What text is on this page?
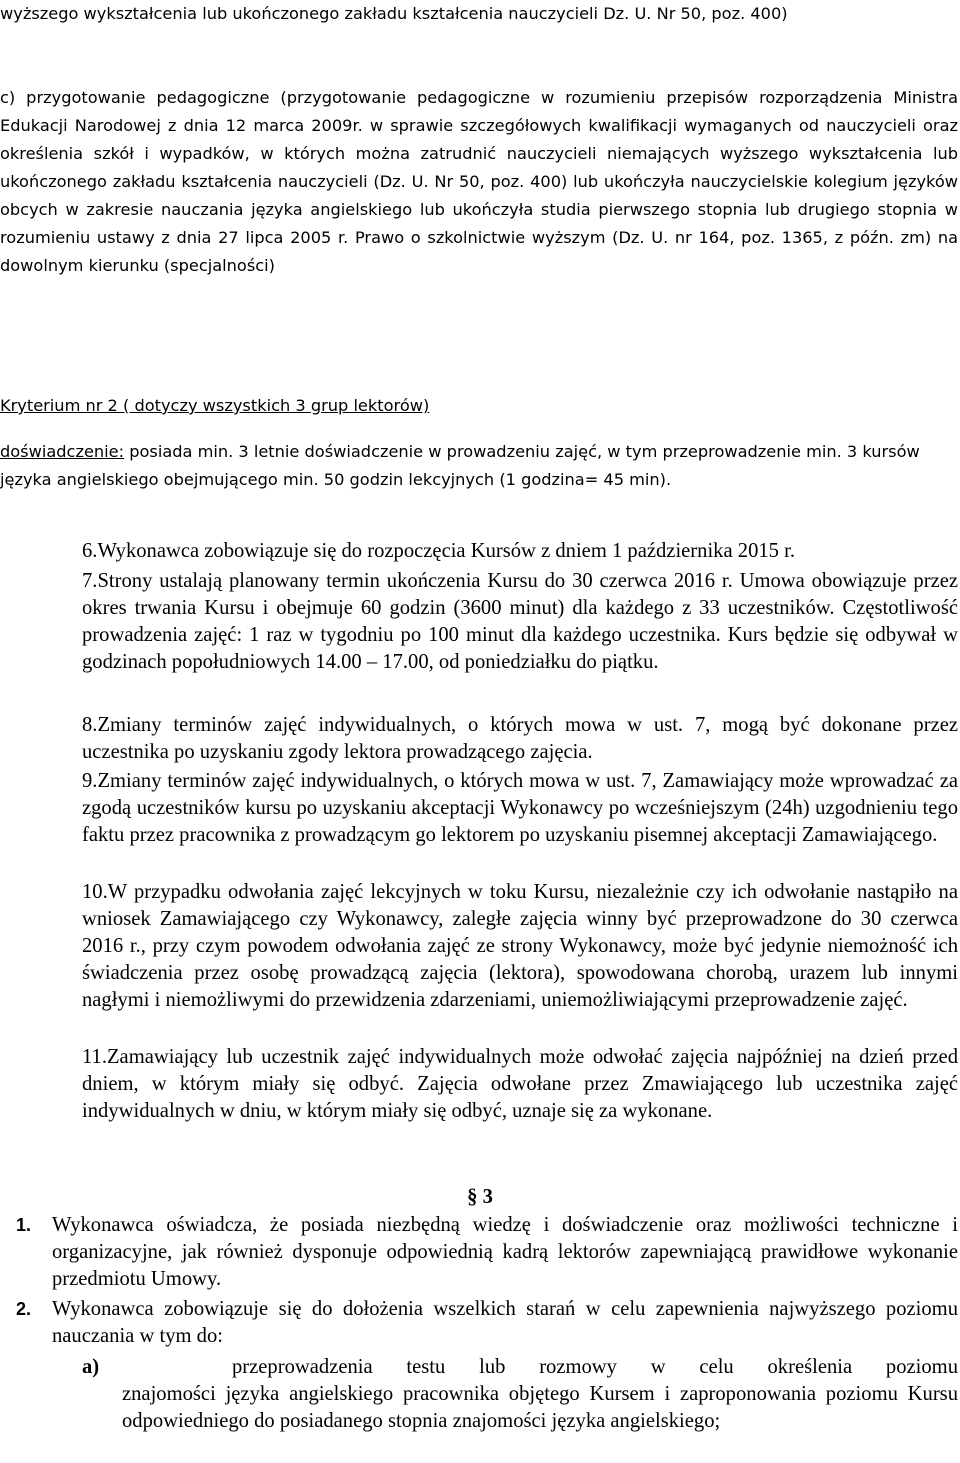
wyższego wykształcenia lub ukończonego zakładu kształcenia nauczycieli Dz. U. Nr 50, poz. 400)

c) przygotowanie pedagogiczne (przygotowanie pedagogiczne w rozumieniu przepisów rozporządzenia Ministra Edukacji Narodowej z dnia 12 marca 2009r. w sprawie szczegółowych kwalifikacji wymaganych od nauczycieli oraz określenia szkół i wypadków, w których można zatrudnić nauczycieli niemających wyższego wykształcenia lub ukończonego zakładu kształcenia nauczycieli (Dz. U. Nr 50, poz. 400) lub ukończyła nauczycielskie kolegium języków obcych w zakresie nauczania języka angielskiego lub ukończyła studia pierwszego stopnia lub drugiego stopnia w rozumieniu ustawy z dnia 27 lipca 2005 r. Prawo o szkolnictwie wyższym (Dz. U. nr 164, poz. 1365, z późn. zm) na dowolnym kierunku (specjalności)

Kryterium nr 2 ( dotyczy wszystkich 3 grup lektorów)

doświadczenie: posiada min. 3 letnie doświadczenie w prowadzeniu zajęć, w tym przeprowadzenie min. 3 kursów języka angielskiego obejmującego min. 50 godzin lekcyjnych (1 godzina= 45 min).

6.Wykonawca zobowiązuje się do rozpoczęcia Kursów z dniem 1 października 2015 r.

7.Strony ustalają planowany termin ukończenia Kursu do 30 czerwca 2016 r. Umowa obowiązuje przez okres trwania Kursu i obejmuje 60 godzin (3600 minut) dla każdego z 33 uczestników. Częstotliwość prowadzenia zajęć: 1 raz w tygodniu po 100 minut dla każdego uczestnika. Kurs będzie się odbywał w godzinach popołudniowych 14.00 – 17.00, od poniedziałku do piątku.

8.Zmiany terminów zajęć indywidualnych, o których mowa w ust. 7, mogą być dokonane przez uczestnika po uzyskaniu zgody lektora prowadzącego zajęcia.

9.Zmiany terminów zajęć indywidualnych, o których mowa w ust. 7, Zamawiający może wprowadzać za zgodą uczestników kursu po uzyskaniu akceptacji Wykonawcy po wcześniejszym (24h) uzgodnieniu tego faktu przez pracownika z prowadzącym go lektorem po uzyskaniu pisemnej akceptacji Zamawiającego.

10.W przypadku odwołania zajęć lekcyjnych w toku Kursu, niezależnie czy ich odwołanie nastąpiło na wniosek Zamawiającego czy Wykonawcy, zaległe zajęcia winny być przeprowadzone do 30 czerwca 2016 r., przy czym powodem odwołania zajęć ze strony Wykonawcy, może być jedynie niemożność ich świadczenia przez osobę prowadzącą zajęcia (lektora), spowodowana chorobą, urazem lub innymi nagłymi i niemożliwymi do przewidzenia zdarzeniami, uniemożliwiającymi przeprowadzenie zajęć.

11.Zamawiający lub uczestnik zajęć indywidualnych może odwołać zajęcia najpóźniej na dzień przed dniem, w którym miały się odbyć. Zajęcia odwołane przez Zmawiającego lub uczestnika zajęć indywidualnych w dniu, w którym miały się odbyć, uznaje się za wykonane.

§ 3

1. Wykonawca oświadcza, że posiada niezbędną wiedzę i doświadczenie oraz możliwości techniczne i organizacyjne, jak również dysponuje odpowiednią kadrą lektorów zapewniającą prawidłowe wykonanie przedmiotu Umowy.

2. Wykonawca zobowiązuje się do dołożenia wszelkich starań w celu zapewnienia najwyższego poziomu nauczania w tym do:

a)	przeprowadzenia testu lub rozmowy w celu określenia poziomu

znajomości języka angielskiego pracownika objętego Kursem i zaproponowania poziomu Kursu odpowiedniego do posiadanego stopnia znajomości języka angielskiego;
